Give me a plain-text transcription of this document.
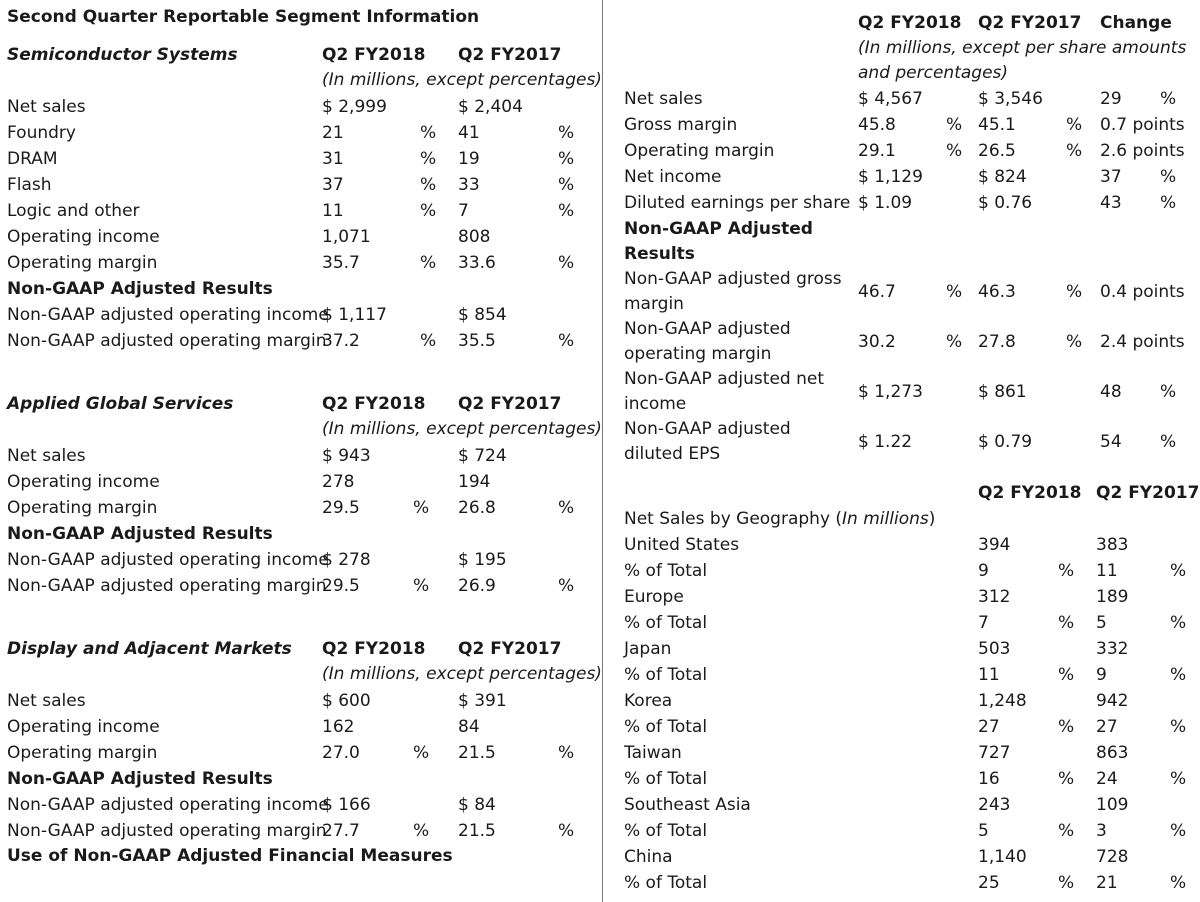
Second Quarter Reportable Segment Information
Semiconductor Systems	Q2 FY2018 Q2 FY2017
(In millions, except percentages)
Net sales	$ 2,999	$ 2,404
Foundry	21	% 41	%
DRAM	31	% 19	%
Flash	37	% 33	%
Logic and other	11	% 7	%
Operating income	1,071	808
Operating margin	35.7	% 33.6	%
Non-GAAP Adjusted Results
Non-GAAP adjusted operating income
$ 1,117	$ 854
Non-GAAP adjusted operating margin
37.2	% 35.5	%
Applied Global Services	Q2 FY2018 Q2 FY2017
(In millions, except percentages)
Net sales	$ 943	$ 724
Operating income	278	194
Operating margin	29.5	% 26.8	%
Non-GAAP Adjusted Results
Non-GAAP adjusted operating income
$ 278	$ 195
Non-GAAP adjusted operating margin
29.5	% 26.9	%
Display and Adjacent Markets Q2 FY2018 Q2 FY2017
(In millions, except percentages)
Net sales	$ 600	$ 391
Operating income	162	84
Operating margin	27.0	% 21.5	%
Non-GAAP Adjusted Results
Non-GAAP adjusted operating income
$ 166	$ 84
Non-GAAP adjusted operating margin
27.7	% 21.5	%
Use of Non-GAAP Adjusted Financial Measures
Q2 FY2018 Q2 FY2017 Change
(In millions, except per share amounts and percentages)
Net sales	$ 4,567	$ 3,546	29 %
Gross margin	45.8	% 45.1	% 0.7 points
Operating margin	29.1	% 26.5	% 2.6 points
Net income	$ 1,129	$ 824	37 %
Diluted earnings per share $ 1.09	$ 0.76	43 %
Non-GAAP Adjusted Results
Non-GAAP adjusted gross margin
46.7	% 46.3	% 0.4 points
Non-GAAP adjusted operating margin
30.2	% 27.8	% 2.4 points
Non-GAAP adjusted net income
$ 1,273	$ 861	48 %
Non-GAAP adjusted diluted EPS
$ 1.22	$ 0.79	54 %
Q2 FY2018 Q2 FY2017
Net Sales by Geography (In millions)
United States	394	383
% of Total	9	% 11	%
Europe	312	189
% of Total	7	% 5	%
Japan	503	332
% of Total	11	% 9	%
Korea	1,248	942
% of Total	27	% 27	%
Taiwan	727	863
% of Total	16	% 24	%
Southeast Asia	243	109
% of Total	5	% 3	%
China	1,140	728
% of Total	25	% 21	%
